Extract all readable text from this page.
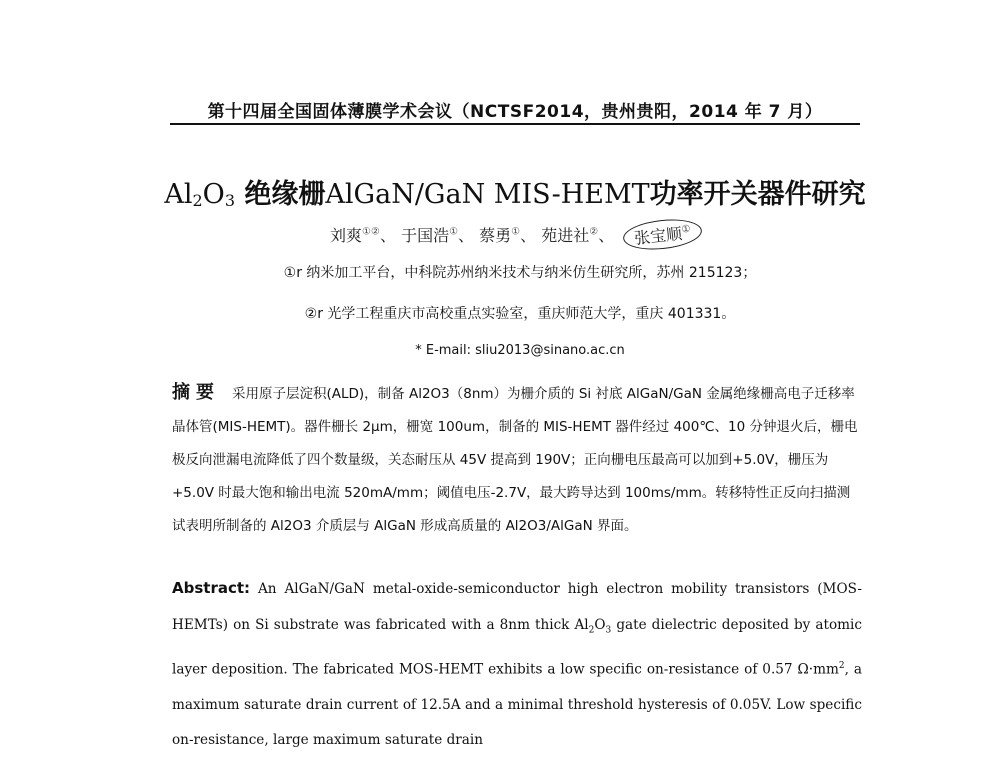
第十四届全国固体薄膜学术会议（NCTSF2014，贵州贵阳，2014 年 7 月）
$Al_2O_3$ 绝缘栅AlGaN/GaN MIS-HEMT功率开关器件研究
刘爽①②、 于国浩①、 蔡勇①、 苑进社②、 张宝顺①
①r 纳米加工平台，中科院苏州纳米技术与纳米仿生研究所，苏州 215123；
②r 光学工程重庆市高校重点实验室，重庆师范大学，重庆 401331。
* E-mail: sliu2013@sinano.ac.cn
摘要 采用原子层淀积(ALD)，制备 Al2O3（8nm）为栅介质的 Si 衬底 AlGaN/GaN 金属绝缘栅高电子迁移率晶体管(MIS-HEMT)。器件栅长 2μm，栅宽 100um，制备的 MIS-HEMT 器件经过 400℃、10 分钟退火后，栅电极反向泄漏电流降低了四个数量级，关态耐压从 45V 提高到 190V；正向栅电压最高可以加到+5.0V，栅压为+5.0V 时最大饱和输出电流 520mA/mm；阈值电压-2.7V，最大跨导达到 100ms/mm。转移特性正反向扫描测试表明所制备的 Al2O3 介质层与 AlGaN 形成高质量的 Al2O3/AlGaN 界面。
Abstract: An AlGaN/GaN metal-oxide-semiconductor high electron mobility transistors (MOS-HEMTs) on Si substrate was fabricated with a 8nm thick $Al_2O_3$ gate dielectric deposited by atomic layer deposition. The fabricated MOS-HEMT exhibits a low specific on-resistance of 0.57 $\Omega\cdot mm^2$, a maximum saturate drain current of 12.5A and a minimal threshold hysteresis of 0.05V. Low specific on-resistance, large maximum saturate drain
